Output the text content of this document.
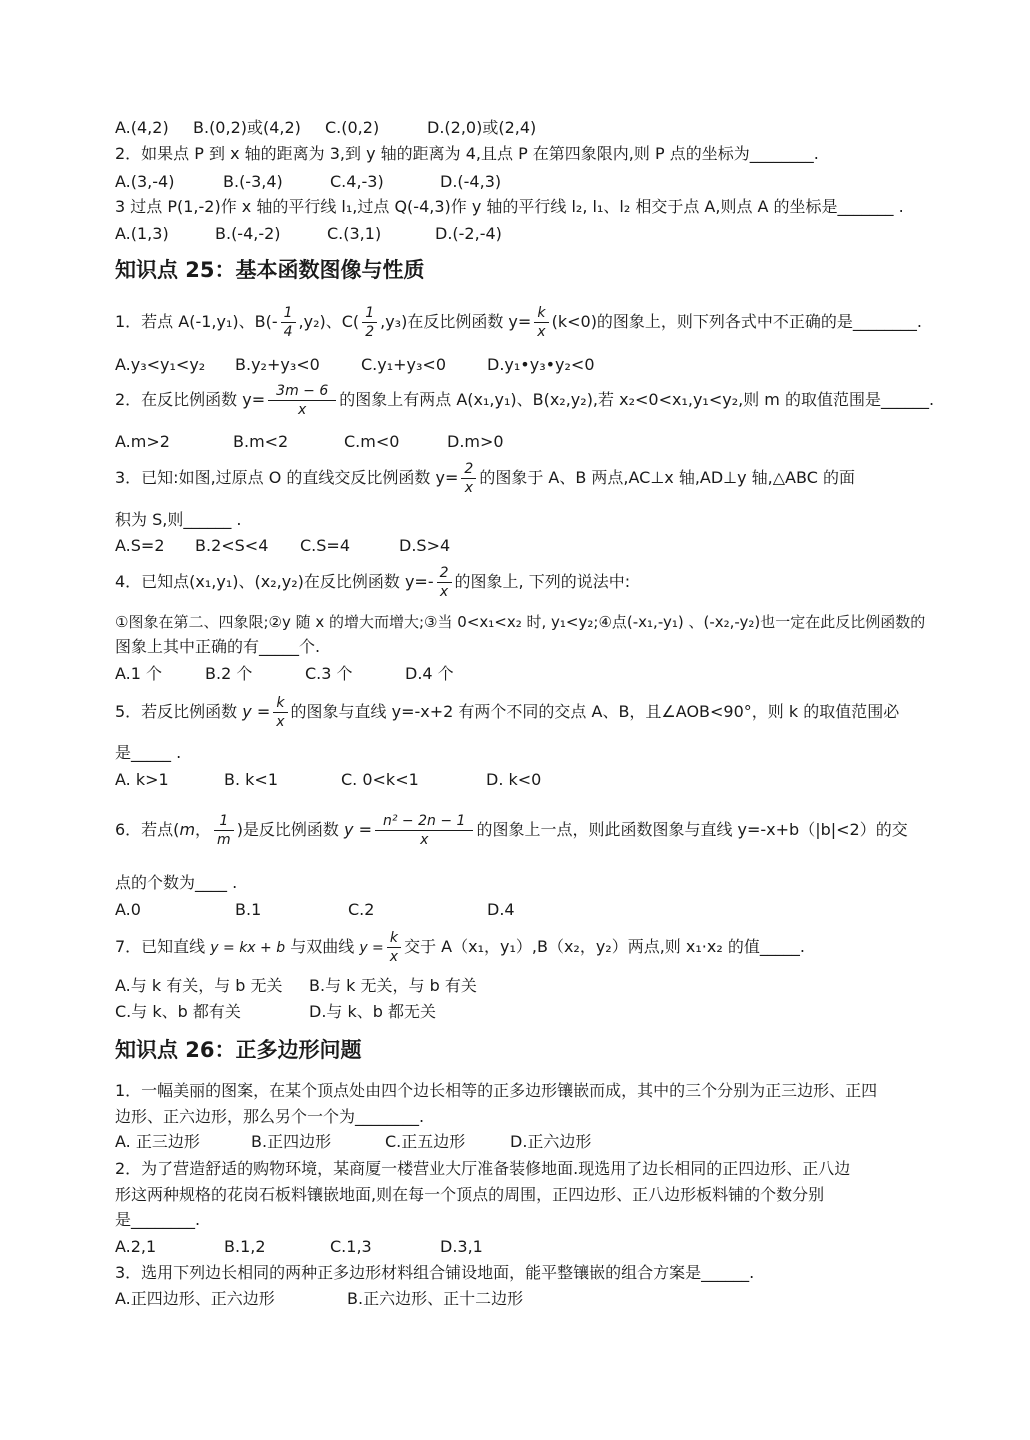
A.(4,2) B.(0,2)或(4,2) C.(0,2)	D.(2,0)或(2,4)
2．如果点 P 到 x 轴的距离为 3,到 y 轴的距离为 4,且点 P 在第四象限内,则 P 点的坐标为________.
A.(3,-4)	B.(-3,4)	C.4,-3)	D.(-4,3)
3 过点 P(1,-2)作 x 轴的平行线 l₁,过点 Q(-4,3)作 y 轴的平行线 l₂, l₁、l₂ 相交于点 A,则点 A 的坐标是_______ .
A.(1,3)	B.(-4,-2)	C.(3,1)	D.(-2,-4)
知识点 25：基本函数图像与性质
1．若点 A(-1,y₁)、$B(- \frac{1}{4} ,y_2)$、$C( \frac{1}{2} ,y_3)$在反比例函数 $y= \frac{k}{x} (k<0)$的图象上，则下列各式中不正确的是________.
A.y₃<y₁<y₂ B.y₂+y₃<0	C.y₁+y₃<0	D.y₁•y₃•y₂<0
2．在反比例函数 $y= \frac{3m - 6}{x}$ 的图象上有两点 A(x₁,y₁)、B(x₂,y₂),若 x₂<0<x₁,y₁<y₂,则 m 的取值范围是______.
A.m>2	B.m<2	C.m<0	D.m>0
3．已知:如图,过原点 O 的直线交反比例函数 $y= \frac{2}{x}$ 的图象于 A、B 两点,AC⊥x 轴,AD⊥y 轴,△ABC 的面
积为 S,则______ .
A.S=2 B.2<S<4 C.S=4	D.S>4
4．已知点(x₁,y₁)、(x₂,y₂)在反比例函数 $y=- \frac{2}{x}$ 的图象上, 下列的说法中:
①图象在第二、四象限;②y 随 x 的增大而增大;③当 0<x₁<x₂ 时, y₁<y₂;④点(-x₁,-y₁) 、(-x₂,-y₂)也一定在此反比例函数的
图象上其中正确的有_____个.
A.1 个	B.2 个	C.3 个	D.4 个
5．若反比例函数 $y = \frac{k}{x}$ 的图象与直线 y=-x+2 有两个不同的交点 A、B，且∠AOB<90°，则 k 的取值范围必
是_____ .
A. k>1	B. k<1	C. 0<k<1	D. k<0
6．若点(m， $\frac{1}{m}$ )是反比例函数 $y = \frac{\text{n² − 2n − 1}}{x}$ 的图象上一点，则此函数图象与直线 y=-x+b（|b|<2）的交
点的个数为____ .
A.0	B.1	C.2	D.4
7．已知直线 y = kx + b 与双曲线 $y = \frac{k}{x}$ 交于 A（x₁，y₁）,B（x₂，y₂）两点,则 x₁·x₂ 的值_____.
A.与 k 有关，与 b 无关 B.与 k 无关，与 b 有关
C.与 k、b 都有关	D.与 k、b 都无关
知识点 26：正多边形问题
1．一幅美丽的图案，在某个顶点处由四个边长相等的正多边形镶嵌而成，其中的三个分别为正三边形、正四
边形、正六边形，那么另个一个为________.
A. 正三边形	B.正四边形	C.正五边形	D.正六边形
2．为了营造舒适的购物环境，某商厦一楼营业大厅准备装修地面.现选用了边长相同的正四边形、正八边
形这两种规格的花岗石板料镶嵌地面,则在每一个顶点的周围，正四边形、正八边形板料铺的个数分别
是________.
A.2,1	B.1,2	C.1,3	D.3,1
3．选用下列边长相同的两种正多边形材料组合铺设地面，能平整镶嵌的组合方案是______.
A.正四边形、正六边形	B.正六边形、正十二边形
